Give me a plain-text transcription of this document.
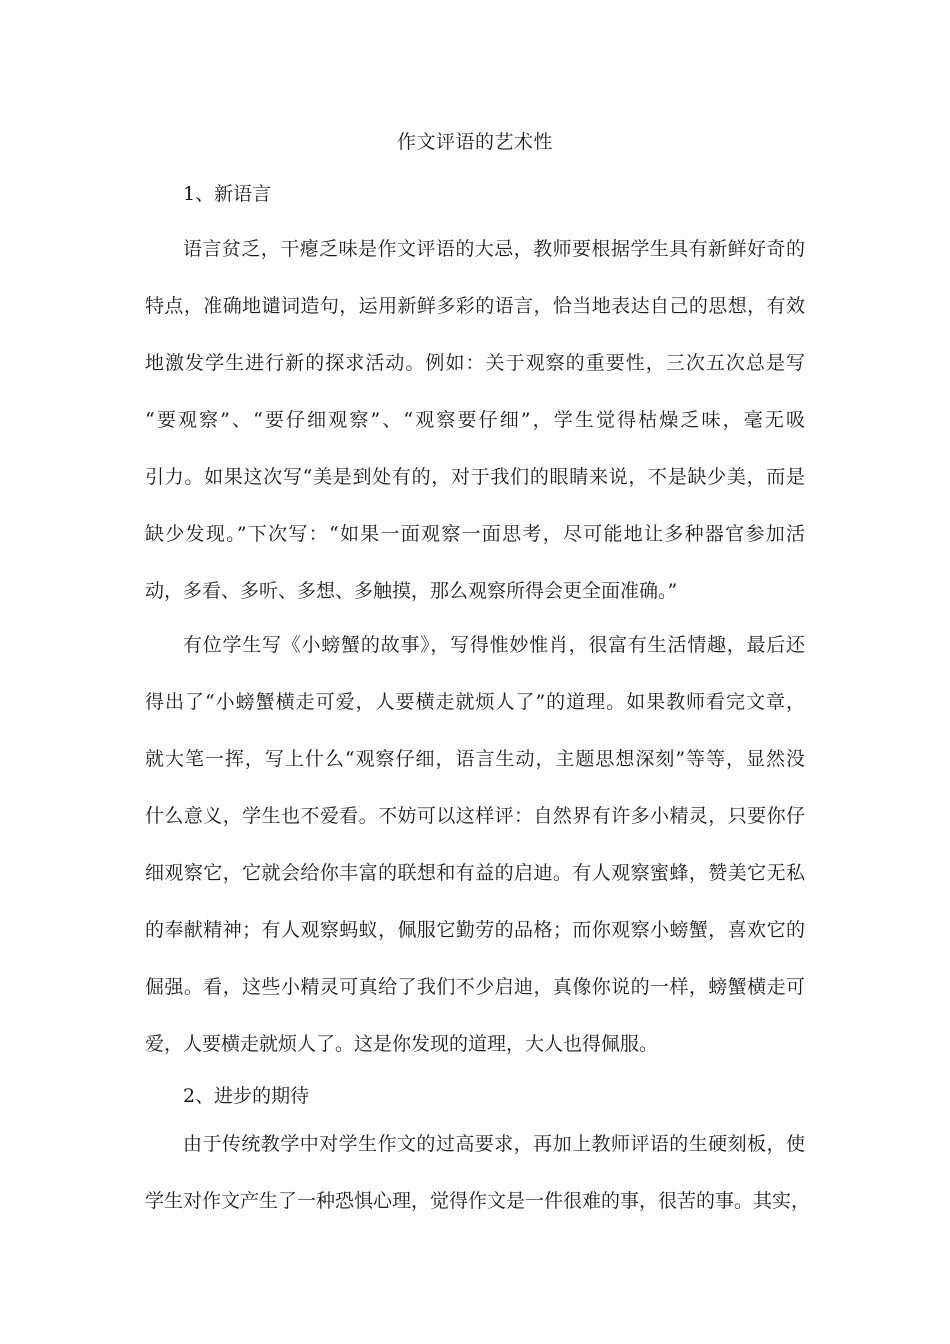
作文评语的艺术性
1、新语言
语言贫乏，干瘪乏味是作文评语的大忌，教师要根据学生具有新鲜好奇的
特点，准确地谴词造句，运用新鲜多彩的语言，恰当地表达自己的思想，有效
地激发学生进行新的探求活动。例如：关于观察的重要性，三次五次总是写
“要观察”、“要仔细观察”、“观察要仔细”，学生觉得枯燥乏味，毫无吸
引力。如果这次写“美是到处有的，对于我们的眼睛来说，不是缺少美，而是
缺少发现。”下次写：“如果一面观察一面思考，尽可能地让多种器官参加活
动，多看、多听、多想、多触摸，那么观察所得会更全面准确。”
有位学生写《小螃蟹的故事》，写得惟妙惟肖，很富有生活情趣，最后还
得出了“小螃蟹横走可爱，人要横走就烦人了”的道理。如果教师看完文章，
就大笔一挥，写上什么“观察仔细，语言生动，主题思想深刻”等等，显然没
什么意义，学生也不爱看。不妨可以这样评：自然界有许多小精灵，只要你仔
细观察它，它就会给你丰富的联想和有益的启迪。有人观察蜜蜂，赞美它无私
的奉献精神；有人观察蚂蚁，佩服它勤劳的品格；而你观察小螃蟹，喜欢它的
倔强。看，这些小精灵可真给了我们不少启迪，真像你说的一样，螃蟹横走可
爱，人要横走就烦人了。这是你发现的道理，大人也得佩服。
2、进步的期待
由于传统教学中对学生作文的过高要求，再加上教师评语的生硬刻板，使
学生对作文产生了一种恐惧心理，觉得作文是一件很难的事，很苦的事。其实，
